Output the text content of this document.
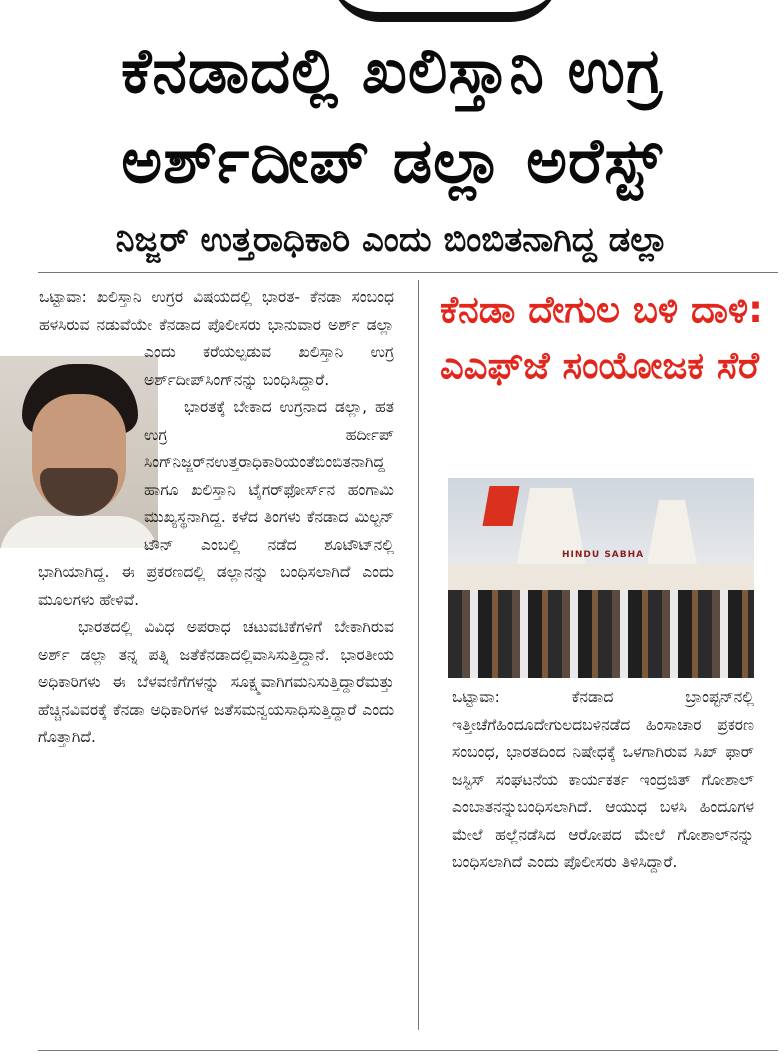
ಕೆನಡಾದಲ್ಲಿ ಖಲಿಸ್ತಾನಿ ಉಗ್ರ
ಅರ್ಶ್‌ದೀಪ್ ಡಲ್ಲಾ ಅರೆಸ್ಟ್
ನಿಜ್ಜರ್ ಉತ್ತರಾಧಿಕಾರಿ ಎಂದು ಬಿಂಬಿತನಾಗಿದ್ದ ಡಲ್ಲಾ

ಒಟ್ಟಾವಾ: ಖಲಿಸ್ತಾನಿ ಉಗ್ರರ ವಿಷಯದಲ್ಲಿ ಭಾರತ- ಕೆನಡಾ ಸಂಬಂಧ ಹಳಸಿರುವ ನಡುವೆಯೇ ಕೆನಡಾದ ಪೊಲೀಸರು ಭಾನುವಾರ ಅರ್ಶ್ ಡಲ್ಲಾ ಎಂದು ಕರೆಯಲ್ಪಡುವ ಖಲಿಸ್ತಾನಿ ಉಗ್ರ ಅರ್ಶ್‌ದೀಪ್‌ಸಿಂಗ್‌ನನ್ನು ಬಂಧಿಸಿದ್ದಾರೆ.

ಭಾರತಕ್ಕೆ ಬೇಕಾದ ಉಗ್ರನಾದ ಡಲ್ಲಾ, ಹತ ಉಗ್ರ ಹರ್ದೀಪ್ ಸಿಂಗ್‌ನಿಜ್ಜರ್‌ನಉತ್ತರಾಧಿಕಾರಿಯಂತೆಬಿಂಬಿತನಾಗಿದ್ದ ಹಾಗೂ ಖಲಿಸ್ತಾನಿ ಟೈಗರ್‌ಫೋರ್ಸ್‌ನ ಹಂಗಾಮಿ ಮುಖ್ಯಸ್ಥನಾಗಿದ್ದ. ಕಳೆದ ತಿಂಗಳು ಕೆನಡಾದ ಮಿಲ್ಟನ್ ಟೌನ್ ಎಂಬಲ್ಲಿ ನಡೆದ ಶೂಟೌಟ್‌ನಲ್ಲಿ ಭಾಗಿಯಾಗಿದ್ದ. ಈ ಪ್ರಕರಣದಲ್ಲಿ ಡಲ್ಲಾನನ್ನು ಬಂಧಿಸಲಾಗಿದೆ ಎಂದು ಮೂಲಗಳು ಹೇಳಿವೆ.

ಭಾರತದಲ್ಲಿ ವಿವಿಧ ಅಪರಾಧ ಚಟುವಟಿಕೆಗಳಿಗೆ ಬೇಕಾಗಿರುವ ಅರ್ಶ್ ಡಲ್ಲಾ ತನ್ನ ಪತ್ನಿ ಜತೆಕೆನಡಾದಲ್ಲಿವಾಸಿಸುತ್ತಿದ್ದಾನೆ. ಭಾರತೀಯ ಅಧಿಕಾರಿಗಳು ಈ ಬೆಳವಣಿಗೆಗಳನ್ನು ಸೂಕ್ಷ್ಮವಾಗಿಗಮನಿಸುತ್ತಿದ್ದಾರೆಮತ್ತು ಹೆಚ್ಚಿನವಿವರಕ್ಕೆ ಕೆನಡಾ ಅಧಿಕಾರಿಗಳ ಜತೆಸಮನ್ವಯಸಾಧಿಸುತ್ತಿದ್ದಾರೆ ಎಂದು ಗೊತ್ತಾಗಿದೆ.

ಕೆನಡಾ ದೇಗುಲ ಬಳಿ ದಾಳಿ: ಎಎಫ್‌ಜೆ ಸಂಯೋಜಕ ಸೆರೆ
HINDU SABHA
ಒಟ್ಟಾವಾ: ಕೆನಡಾದ ಬ್ರಾಂಪ್ಟನ್‌ನಲ್ಲಿ ಇತ್ತೀಚೆಗೆಹಿಂದೂದೇಗುಲದಬಳಿನಡೆದ ಹಿಂಸಾಚಾರ ಪ್ರಕರಣ ಸಂಬಂಧ, ಭಾರತದಿಂದ ನಿಷೇಧಕ್ಕೆ ಒಳಗಾಗಿರುವ ಸಿಖ್ ಫಾರ್ ಜಸ್ಟಿಸ್ ಸಂಘಟನೆಯ ಕಾರ್ಯಕರ್ತ ಇಂದ್ರಜಿತ್ ಗೋಶಾಲ್ ಎಂಬಾತನನ್ನುಬಂಧಿಸಲಾಗಿದೆ. ಆಯುಧ ಬಳಸಿ ಹಿಂದೂಗಳ ಮೇಲೆ ಹಲ್ಲೆನಡೆಸಿದ ಆರೋಪದ ಮೇಲೆ ಗೋಶಾಲ್‌ನನ್ನು ಬಂಧಿಸಲಾಗಿದೆ ಎಂದು ಪೊಲೀಸರು ತಿಳಿಸಿದ್ದಾರೆ.
